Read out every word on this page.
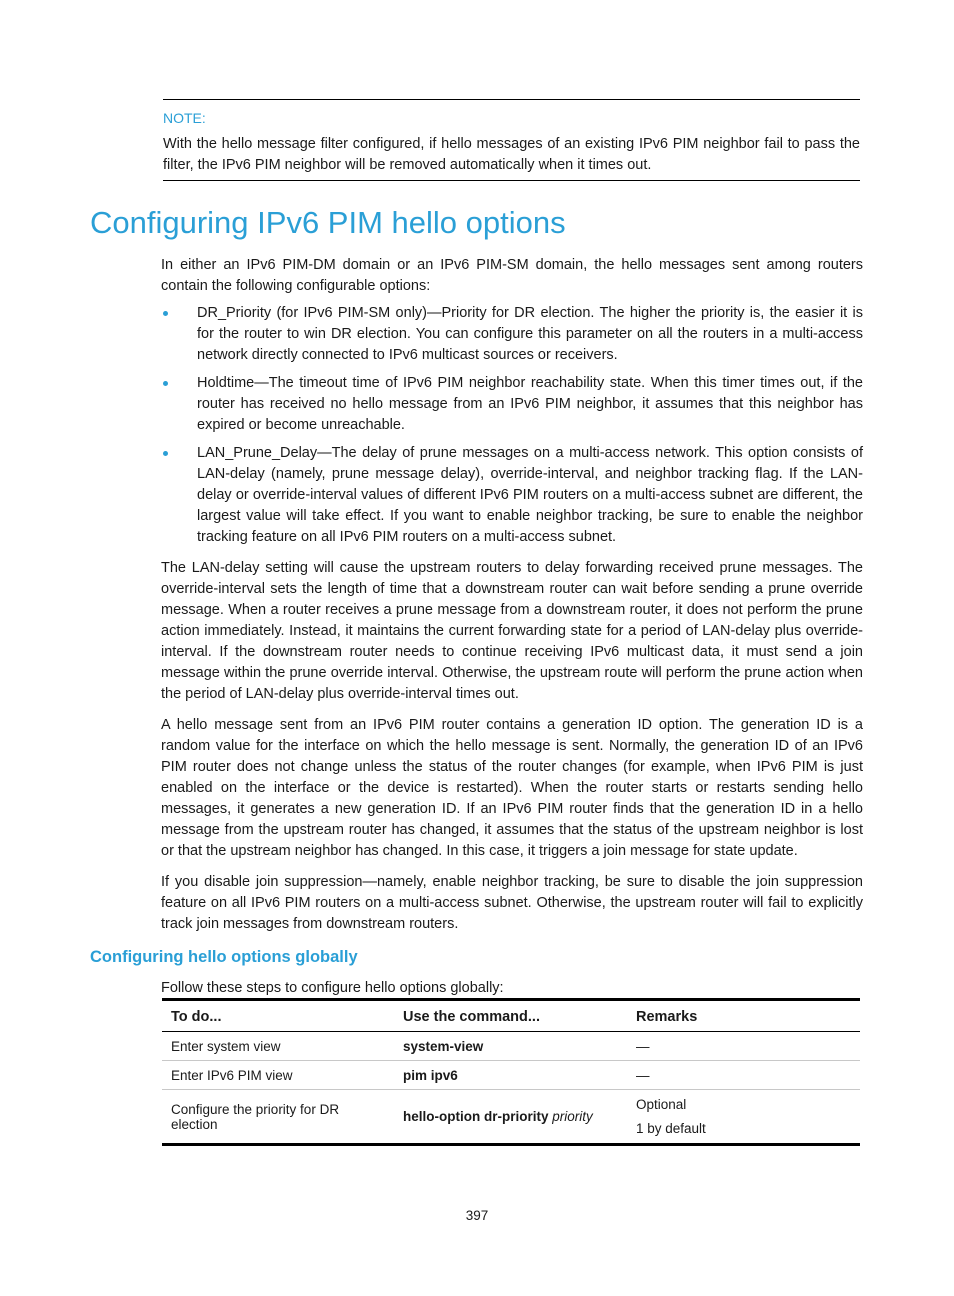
NOTE:
With the hello message filter configured, if hello messages of an existing IPv6 PIM neighbor fail to pass the filter, the IPv6 PIM neighbor will be removed automatically when it times out.
Configuring IPv6 PIM hello options

In either an IPv6 PIM-DM domain or an IPv6 PIM-SM domain, the hello messages sent among routers contain the following configurable options:

DR_Priority (for IPv6 PIM-SM only)—Priority for DR election. The higher the priority is, the easier it is for the router to win DR election. You can configure this parameter on all the routers in a multi-access network directly connected to IPv6 multicast sources or receivers.
Holdtime—The timeout time of IPv6 PIM neighbor reachability state. When this timer times out, if the router has received no hello message from an IPv6 PIM neighbor, it assumes that this neighbor has expired or become unreachable.
LAN_Prune_Delay—The delay of prune messages on a multi-access network. This option consists of LAN-delay (namely, prune message delay), override-interval, and neighbor tracking flag. If the LAN-delay or override-interval values of different IPv6 PIM routers on a multi-access subnet are different, the largest value will take effect. If you want to enable neighbor tracking, be sure to enable the neighbor tracking feature on all IPv6 PIM routers on a multi-access subnet.

The LAN-delay setting will cause the upstream routers to delay forwarding received prune messages. The override-interval sets the length of time that a downstream router can wait before sending a prune override message. When a router receives a prune message from a downstream router, it does not perform the prune action immediately. Instead, it maintains the current forwarding state for a period of LAN-delay plus override-interval. If the downstream router needs to continue receiving IPv6 multicast data, it must send a join message within the prune override interval. Otherwise, the upstream route will perform the prune action when the period of LAN-delay plus override-interval times out.

A hello message sent from an IPv6 PIM router contains a generation ID option. The generation ID is a random value for the interface on which the hello message is sent. Normally, the generation ID of an IPv6 PIM router does not change unless the status of the router changes (for example, when IPv6 PIM is just enabled on the interface or the device is restarted). When the router starts or restarts sending hello messages, it generates a new generation ID. If an IPv6 PIM router finds that the generation ID in a hello message from the upstream router has changed, it assumes that the status of the upstream neighbor is lost or that the upstream neighbor has changed. In this case, it triggers a join message for state update.

If you disable join suppression—namely, enable neighbor tracking, be sure to disable the join suppression feature on all IPv6 PIM routers on a multi-access subnet. Otherwise, the upstream router will fail to explicitly track join messages from downstream routers.

Configuring hello options globally
Follow these steps to configure hello options globally:
To do...	Use the command...	Remarks
Enter system view	system-view	—
Enter IPv6 PIM view	pim ipv6	—
Configure the priority for DR election	hello-option dr-priority priority	Optional
1 by default
397
